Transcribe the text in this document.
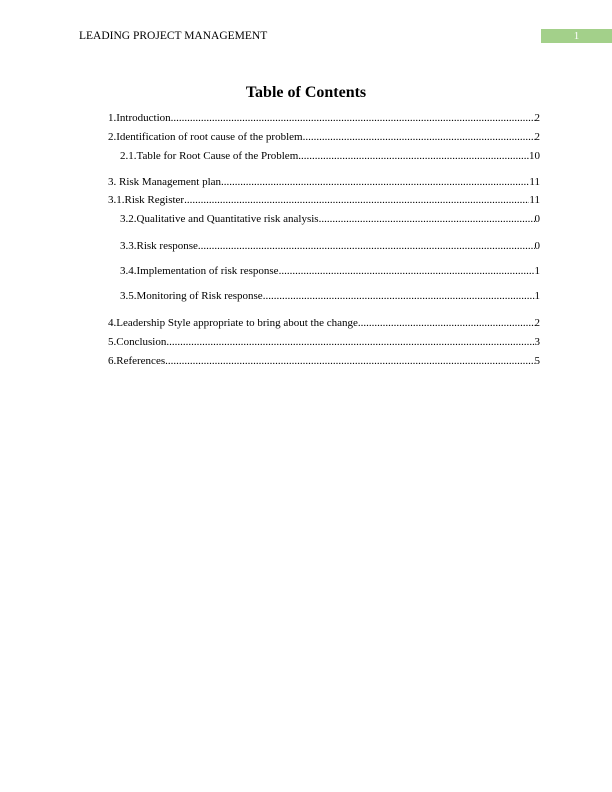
LEADING PROJECT MANAGEMENT	1
Table of Contents
1.Introduction .....	2
2.Identification of root cause of the problem .....	2
2.1.Table for Root Cause of the Problem .....	10
3. Risk Management plan .....	11
3.1.Risk Register .....	11
3.2.Qualitative and Quantitative risk analysis .....	0
3.3.Risk response .....	0
3.4.Implementation of risk response .....	1
3.5.Monitoring of Risk response .....	1
4.Leadership Style appropriate to bring about the change .....	2
5.Conclusion .....	3
6.References .....	5
